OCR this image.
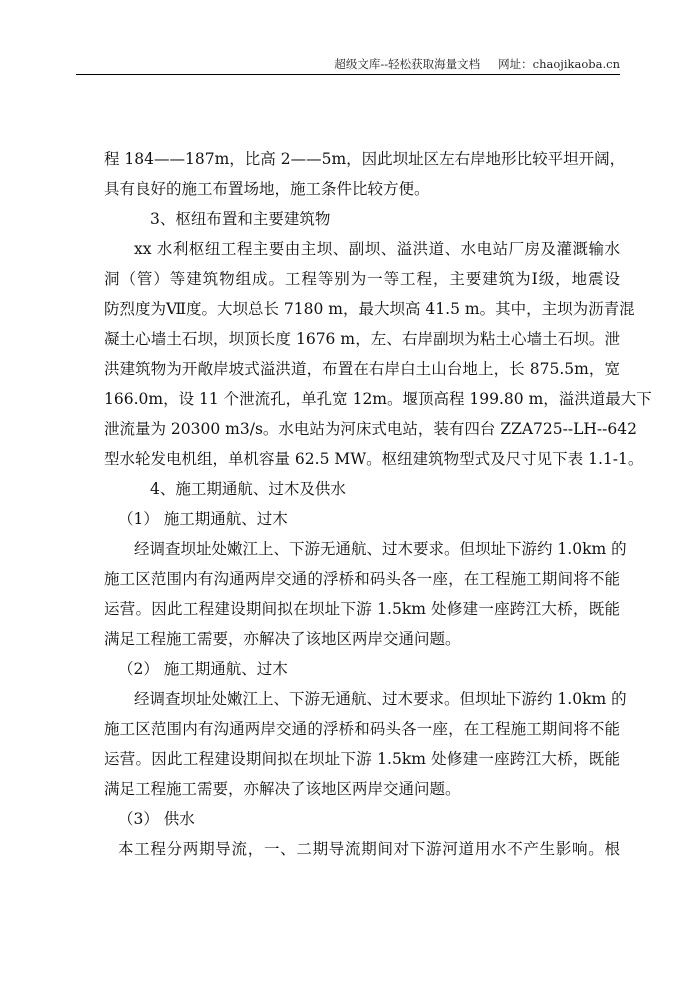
超级文库--轻松获取海量文档 网址：chaojikaoba.cn
程 184——187m，比高 2——5m，因此坝址区左右岸地形比较平坦开阔，
具有良好的施工布置场地，施工条件比较方便。
3、枢纽布置和主要建筑物
xx 水利枢纽工程主要由主坝、副坝、溢洪道、水电站厂房及灌溉输水
洞（管）等建筑物组成。工程等别为一等工程，主要建筑为Ⅰ级，地震设
防烈度为Ⅶ度。大坝总长 7180 m，最大坝高 41.5 m。其中，主坝为沥青混
凝土心墙土石坝，坝顶长度 1676 m，左、右岸副坝为粘土心墙土石坝。泄
洪建筑物为开敞岸坡式溢洪道，布置在右岸白土山台地上，长 875.5m，宽
166.0m，设 11 个泄流孔，单孔宽 12m。堰顶高程 199.80 m，溢洪道最大下
泄流量为 20300 m3/s。水电站为河床式电站，装有四台 ZZA725--LH--642
型水轮发电机组，单机容量 62.5 MW。枢纽建筑物型式及尺寸见下表 1.1-1。
4、施工期通航、过木及供水
（1） 施工期通航、过木
经调查坝址处嫩江上、下游无通航、过木要求。但坝址下游约 1.0km 的
施工区范围内有沟通两岸交通的浮桥和码头各一座，在工程施工期间将不能
运营。因此工程建设期间拟在坝址下游 1.5km 处修建一座跨江大桥，既能
满足工程施工需要，亦解决了该地区两岸交通问题。
（2） 施工期通航、过木
经调查坝址处嫩江上、下游无通航、过木要求。但坝址下游约 1.0km 的
施工区范围内有沟通两岸交通的浮桥和码头各一座，在工程施工期间将不能
运营。因此工程建设期间拟在坝址下游 1.5km 处修建一座跨江大桥，既能
满足工程施工需要，亦解决了该地区两岸交通问题。
（3） 供水
本工程分两期导流，一、二期导流期间对下游河道用水不产生影响。根
